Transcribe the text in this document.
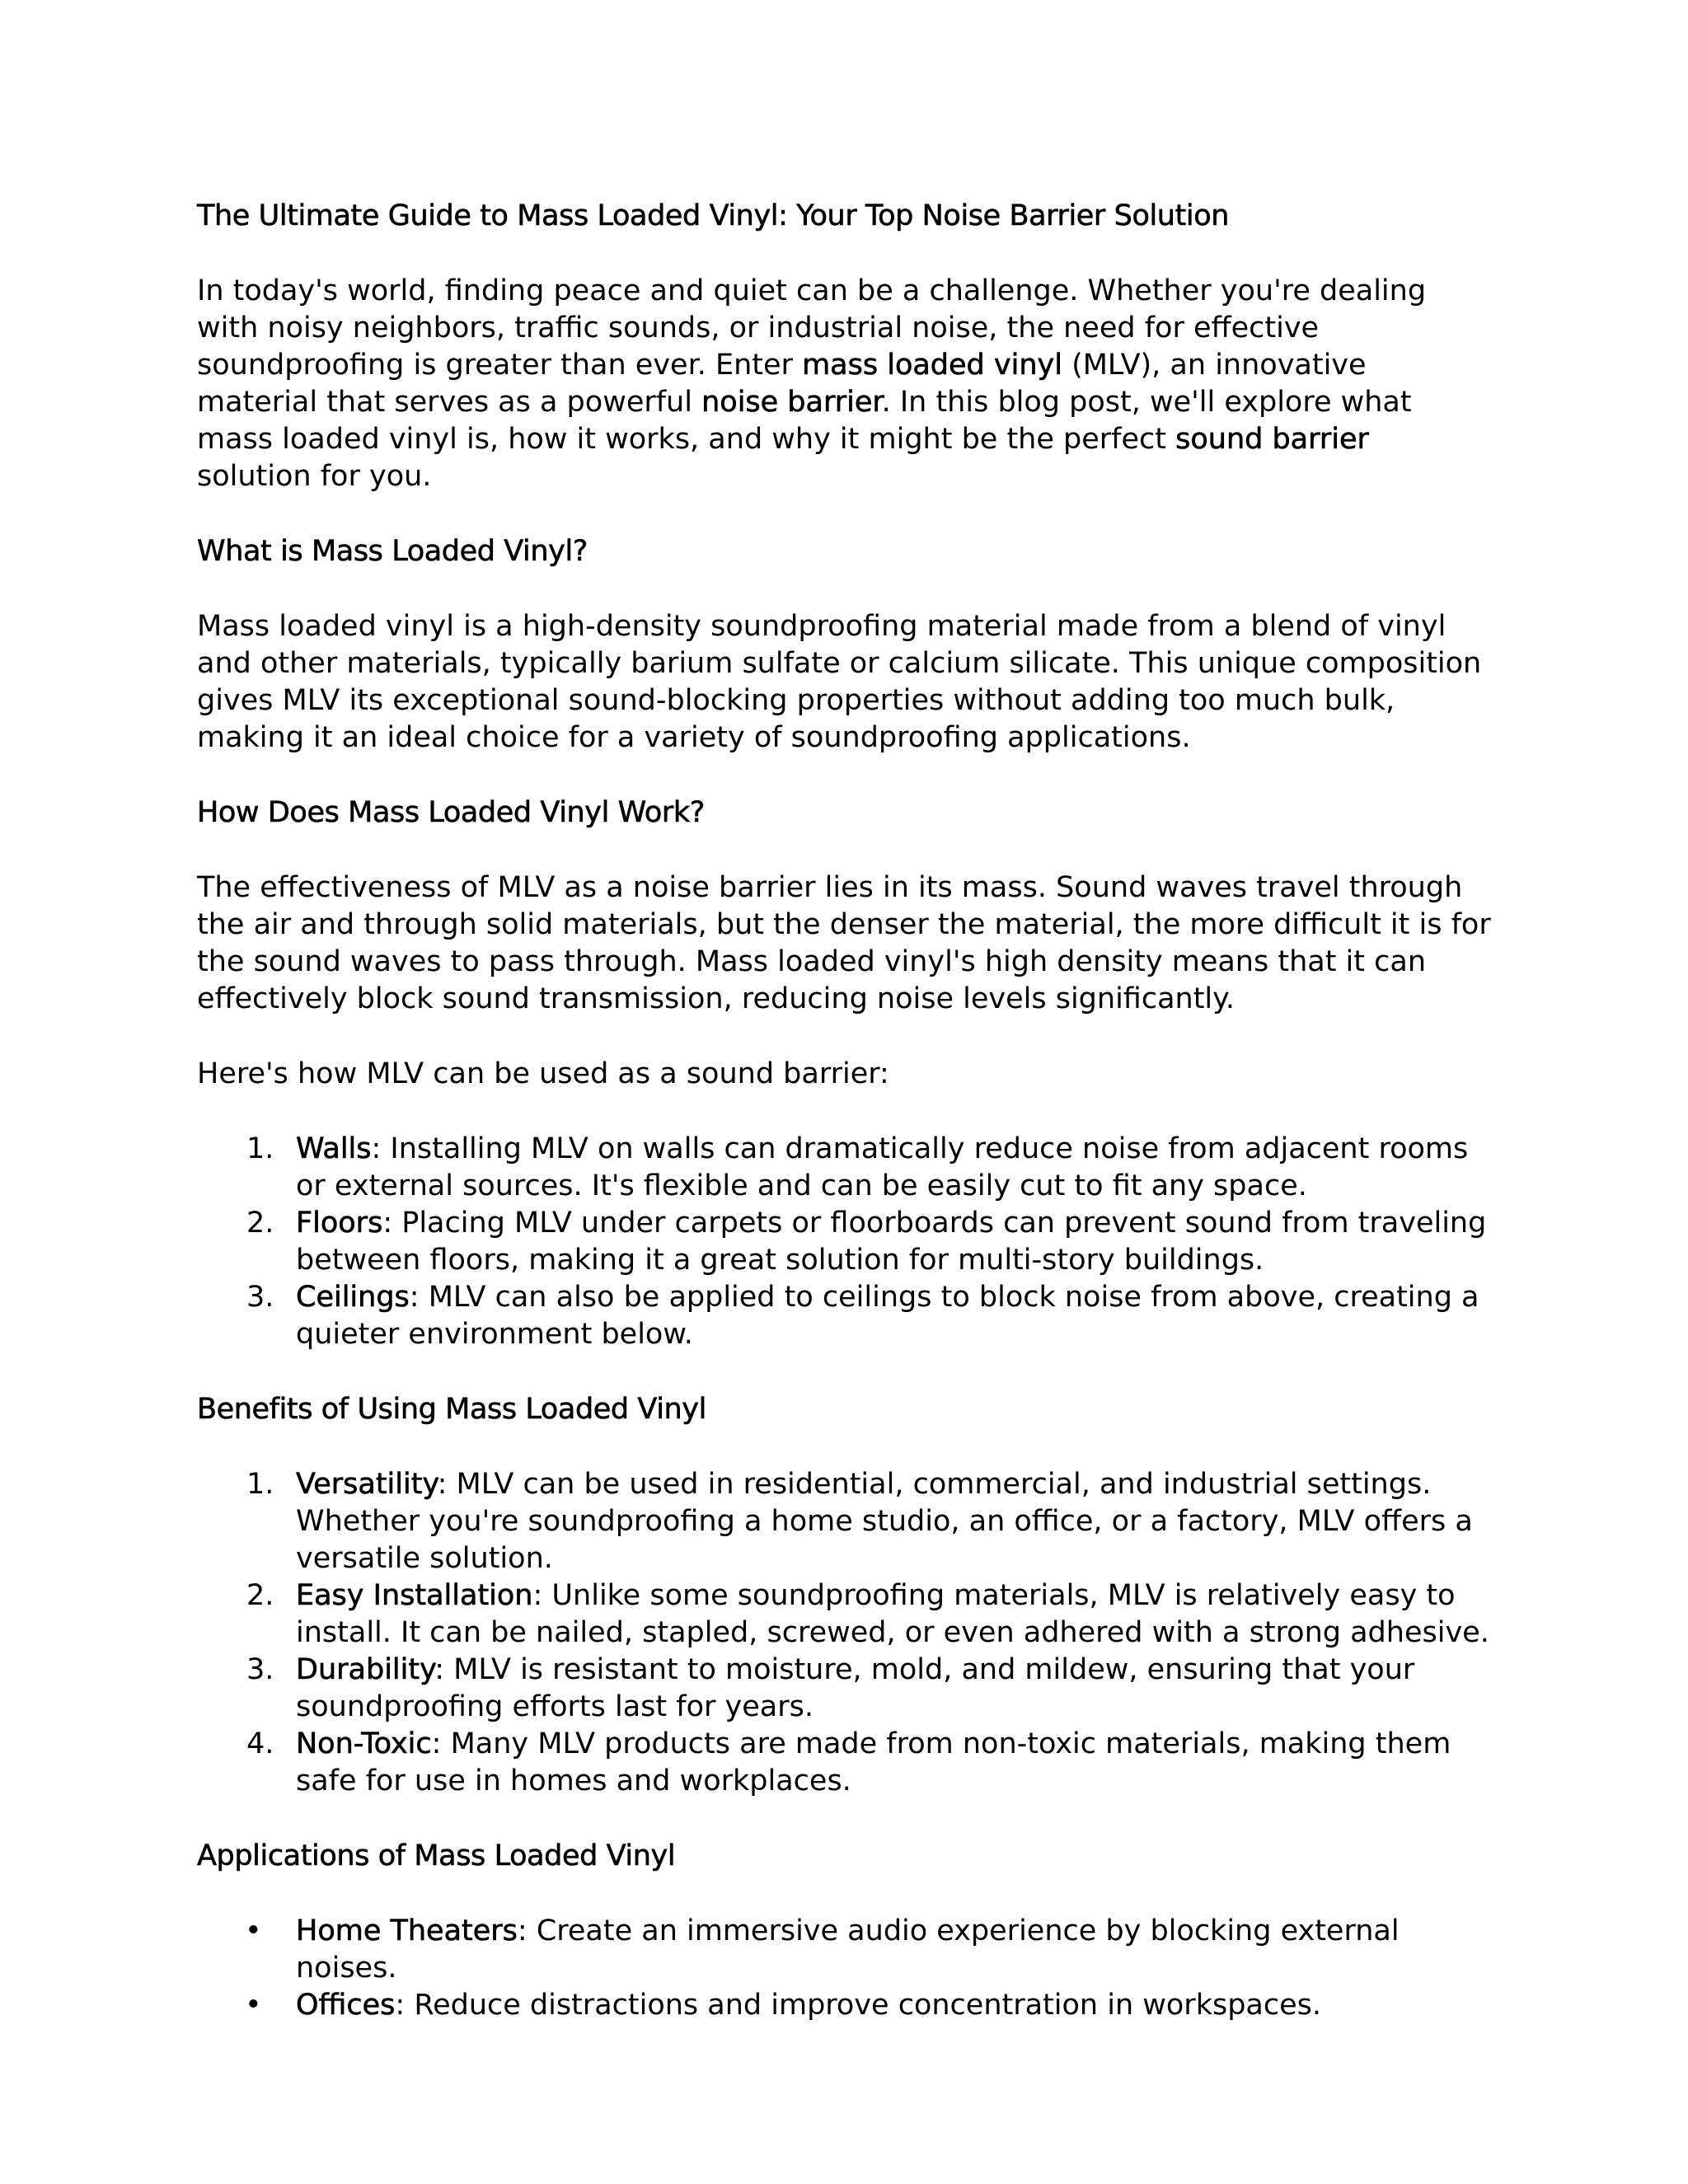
The Ultimate Guide to Mass Loaded Vinyl: Your Top Noise Barrier Solution

In today's world, finding peace and quiet can be a challenge. Whether you're dealing with noisy neighbors, traffic sounds, or industrial noise, the need for effective soundproofing is greater than ever. Enter mass loaded vinyl (MLV), an innovative material that serves as a powerful noise barrier. In this blog post, we'll explore what mass loaded vinyl is, how it works, and why it might be the perfect sound barrier solution for you.

What is Mass Loaded Vinyl?

Mass loaded vinyl is a high-density soundproofing material made from a blend of vinyl and other materials, typically barium sulfate or calcium silicate. This unique composition gives MLV its exceptional sound-blocking properties without adding too much bulk, making it an ideal choice for a variety of soundproofing applications.

How Does Mass Loaded Vinyl Work?

The effectiveness of MLV as a noise barrier lies in its mass. Sound waves travel through the air and through solid materials, but the denser the material, the more difficult it is for the sound waves to pass through. Mass loaded vinyl's high density means that it can effectively block sound transmission, reducing noise levels significantly.

Here's how MLV can be used as a sound barrier:

Walls: Installing MLV on walls can dramatically reduce noise from adjacent rooms or external sources. It's flexible and can be easily cut to fit any space.
Floors: Placing MLV under carpets or floorboards can prevent sound from traveling between floors, making it a great solution for multi-story buildings.
Ceilings: MLV can also be applied to ceilings to block noise from above, creating a quieter environment below.
Benefits of Using Mass Loaded Vinyl
Versatility: MLV can be used in residential, commercial, and industrial settings. Whether you're soundproofing a home studio, an office, or a factory, MLV offers a versatile solution.
Easy Installation: Unlike some soundproofing materials, MLV is relatively easy to install. It can be nailed, stapled, screwed, or even adhered with a strong adhesive.
Durability: MLV is resistant to moisture, mold, and mildew, ensuring that your soundproofing efforts last for years.
Non-Toxic: Many MLV products are made from non-toxic materials, making them safe for use in homes and workplaces.
Applications of Mass Loaded Vinyl
• Home Theaters: Create an immersive audio experience by blocking external noises.
• Offices: Reduce distractions and improve concentration in workspaces.
